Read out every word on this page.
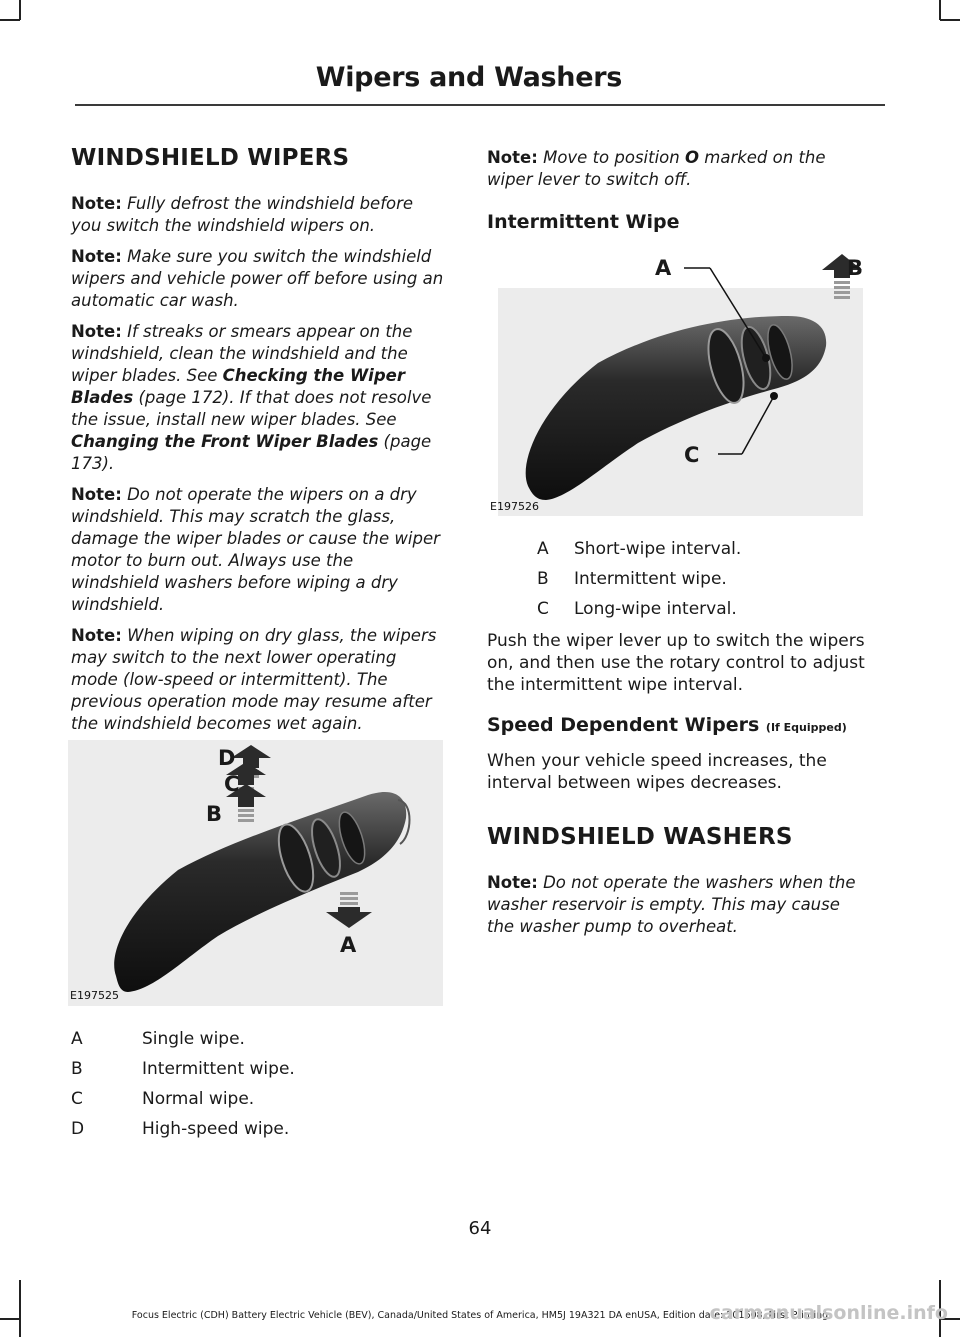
Wipers and Washers
WINDSHIELD WIPERS

Note: Fully defrost the windshield before you switch the windshield wipers on.

Note: Make sure you switch the windshield wipers and vehicle power off before using an automatic car wash.

Note: If streaks or smears appear on the windshield, clean the windshield and the wiper blades. See Checking the Wiper Blades (page 172). If that does not resolve the issue, install new wiper blades. See Changing the Front Wiper Blades (page 173).

Note: Do not operate the wipers on a dry windshield. This may scratch the glass, damage the wiper blades or cause the wiper motor to burn out. Always use the windshield washers before wiping a dry windshield.

Note: When wiping on dry glass, the wipers may switch to the next lower operating mode (low-speed or intermittent). The previous operation mode may resume after the windshield becomes wet again.

D
C
B
A
E197525
A	Single wipe.
B	Intermittent wipe.
C	Normal wipe.
D	High-speed wipe.

Note: Move to position O marked on the wiper lever to switch off.

Intermittent Wipe
A	B
C
E197526
A	Short-wipe interval.
B	Intermittent wipe.
C	Long-wipe interval.

Push the wiper lever up to switch the wipers on, and then use the rotary control to adjust the intermittent wipe interval.

Speed Dependent Wipers (If Equipped)

When your vehicle speed increases, the interval between wipes decreases.

WINDSHIELD WASHERS

Note: Do not operate the washers when the washer reservoir is empty. This may cause the washer pump to overheat.

64
Focus Electric (CDH) Battery Electric Vehicle (BEV), Canada/United States of America, HM5J 19A321 DA enUSA, Edition date: 201608, First Printing
carmanualsonline.info
